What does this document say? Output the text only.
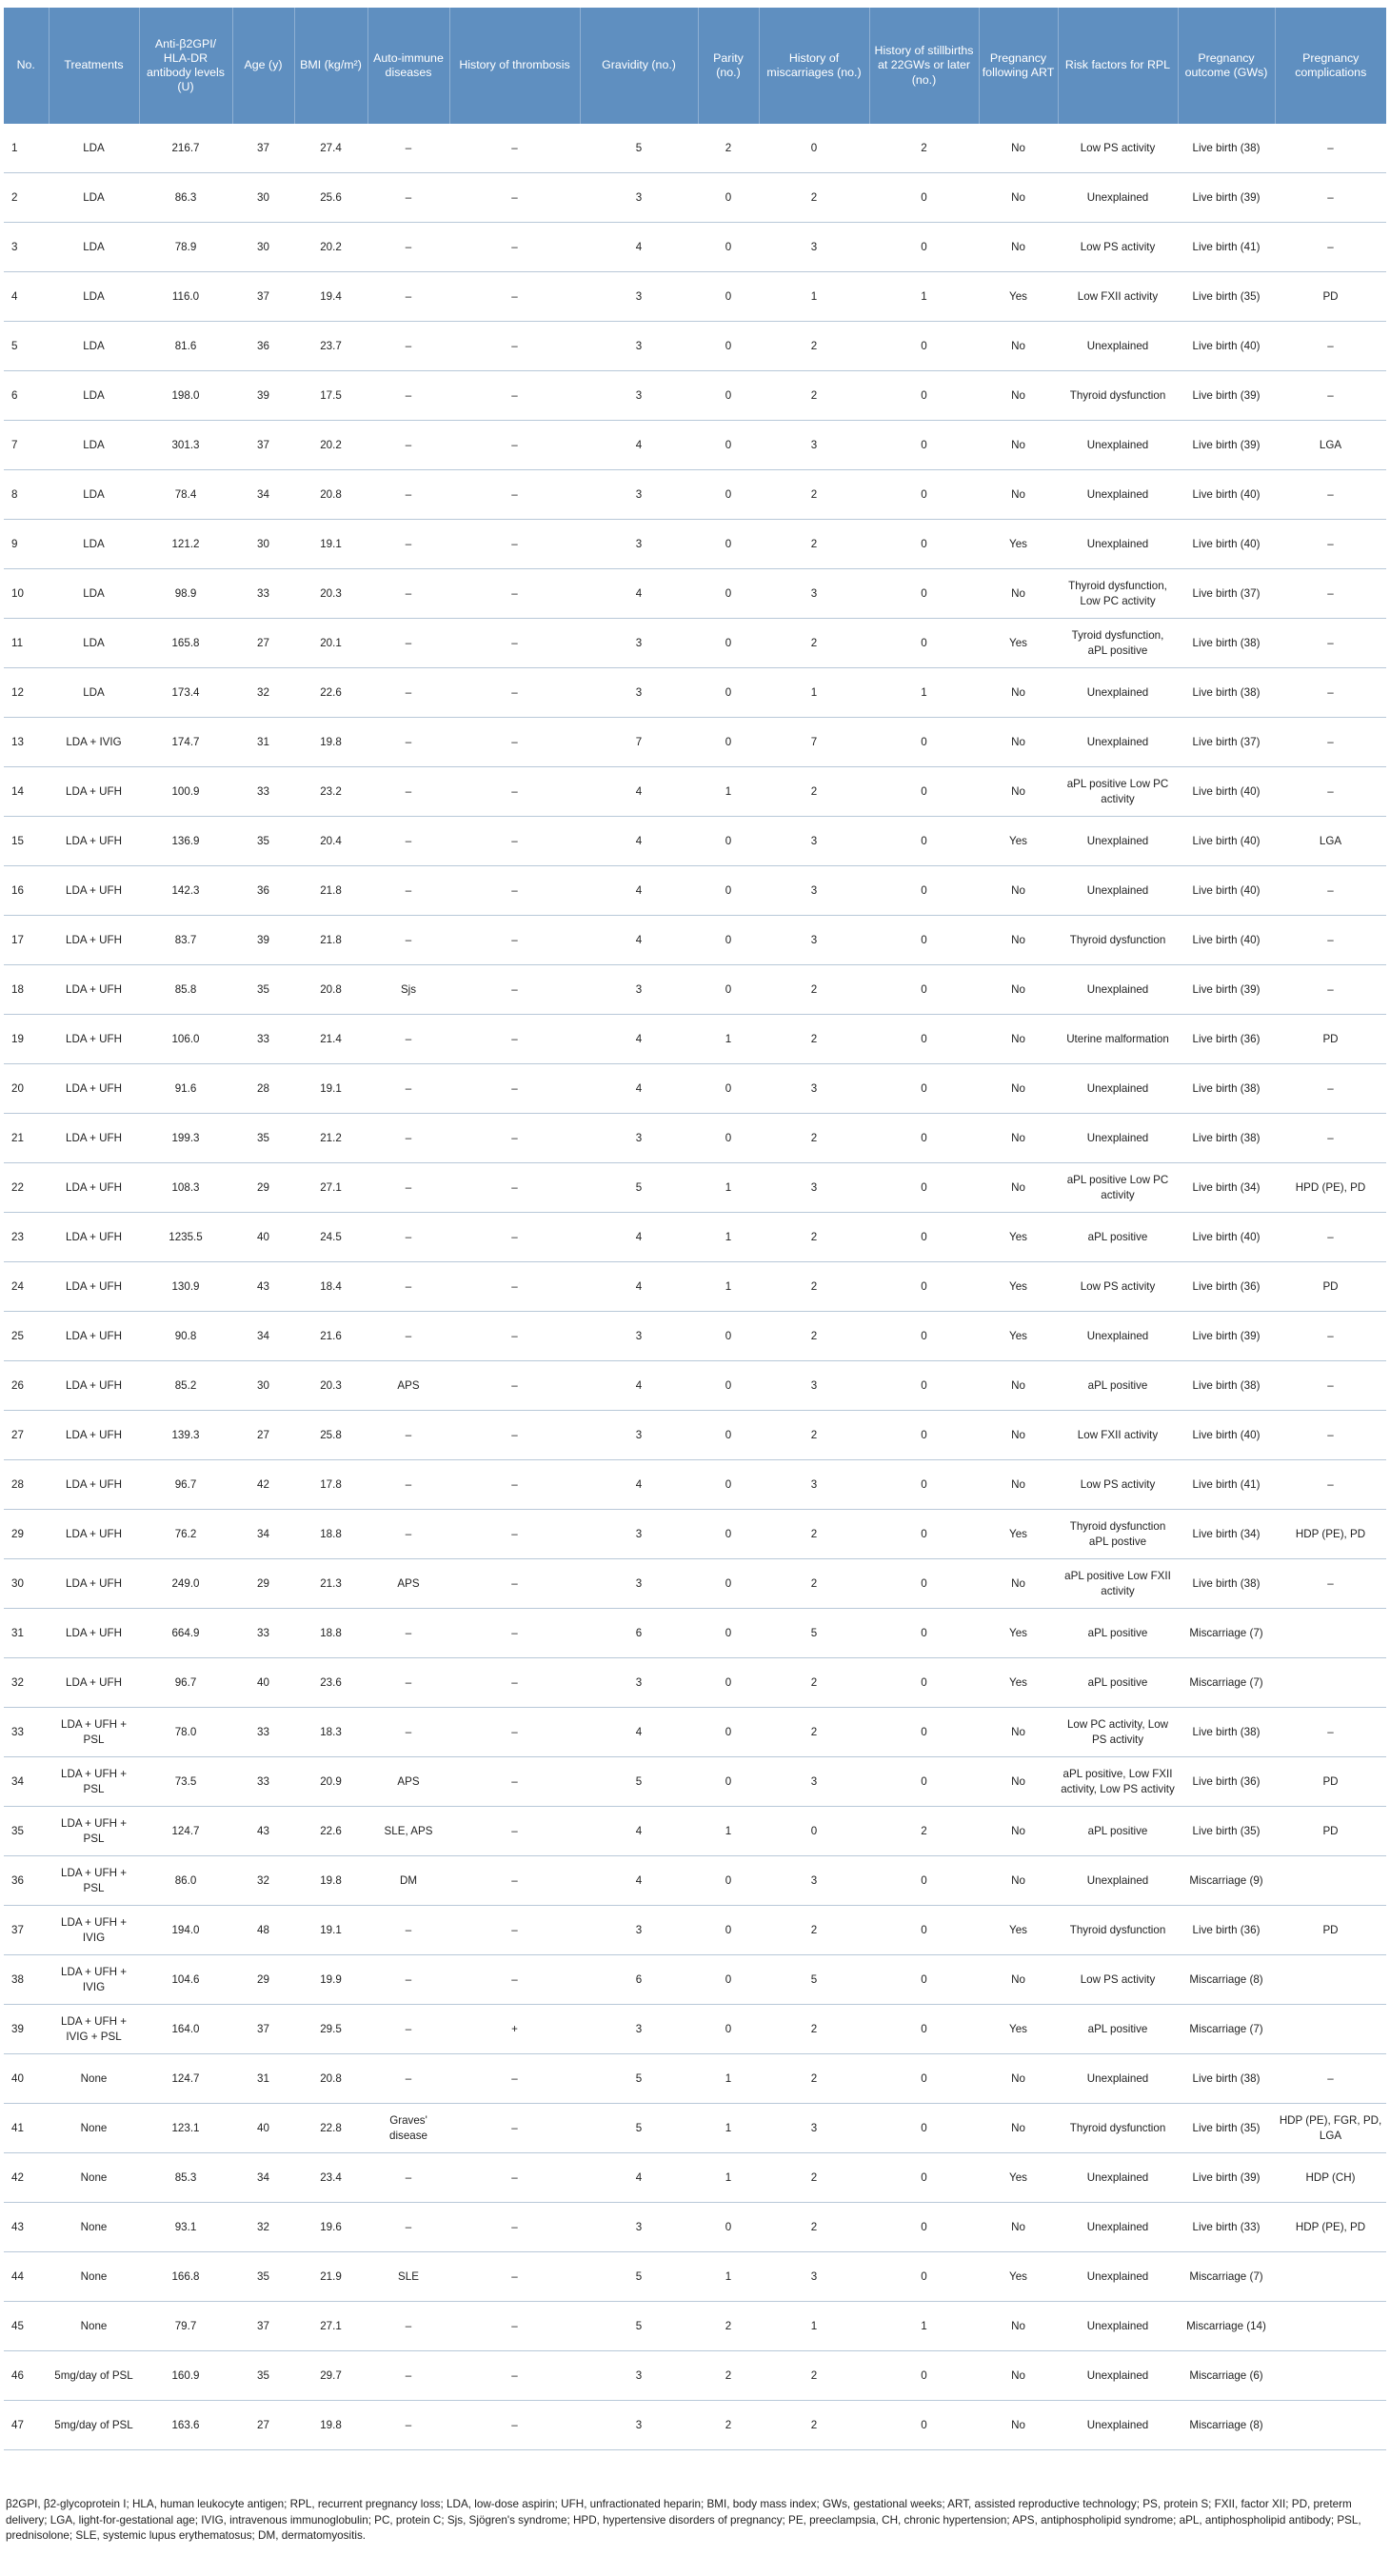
No.	Treatments	Anti-β2GPI/ HLA-DR antibody levels (U)	Age (y)	BMI (kg/m²)	Auto-immune diseases	History of thrombosis	Gravidity (no.)	Parity (no.)	History of miscarriages (no.)	History of stillbirths at 22GWs or later (no.)	Pregnancy following ART	Risk factors for RPL	Pregnancy outcome (GWs)	Pregnancy complications
1	LDA	216.7	37	27.4	–	–	5	2	0	2	No	Low PS activity	Live birth (38)	–
2	LDA	86.3	30	25.6	–	–	3	0	2	0	No	Unexplained	Live birth (39)	–
3	LDA	78.9	30	20.2	–	–	4	0	3	0	No	Low PS activity	Live birth (41)	–
4	LDA	116.0	37	19.4	–	–	3	0	1	1	Yes	Low FXII activity	Live birth (35)	PD
5	LDA	81.6	36	23.7	–	–	3	0	2	0	No	Unexplained	Live birth (40)	–
6	LDA	198.0	39	17.5	–	–	3	0	2	0	No	Thyroid dysfunction	Live birth (39)	–
7	LDA	301.3	37	20.2	–	–	4	0	3	0	No	Unexplained	Live birth (39)	LGA
8	LDA	78.4	34	20.8	–	–	3	0	2	0	No	Unexplained	Live birth (40)	–
9	LDA	121.2	30	19.1	–	–	3	0	2	0	Yes	Unexplained	Live birth (40)	–
10	LDA	98.9	33	20.3	–	–	4	0	3	0	No	Thyroid dysfunction, Low PC activity	Live birth (37)	–
11	LDA	165.8	27	20.1	–	–	3	0	2	0	Yes	Tyroid dysfunction, aPL positive	Live birth (38)	–
12	LDA	173.4	32	22.6	–	–	3	0	1	1	No	Unexplained	Live birth (38)	–
13	LDA + IVIG	174.7	31	19.8	–	–	7	0	7	0	No	Unexplained	Live birth (37)	–
14	LDA + UFH	100.9	33	23.2	–	–	4	1	2	0	No	aPL positive Low PC activity	Live birth (40)	–
15	LDA + UFH	136.9	35	20.4	–	–	4	0	3	0	Yes	Unexplained	Live birth (40)	LGA
16	LDA + UFH	142.3	36	21.8	–	–	4	0	3	0	No	Unexplained	Live birth (40)	–
17	LDA + UFH	83.7	39	21.8	–	–	4	0	3	0	No	Thyroid dysfunction	Live birth (40)	–
18	LDA + UFH	85.8	35	20.8	Sjs	–	3	0	2	0	No	Unexplained	Live birth (39)	–
19	LDA + UFH	106.0	33	21.4	–	–	4	1	2	0	No	Uterine malformation	Live birth (36)	PD
20	LDA + UFH	91.6	28	19.1	–	–	4	0	3	0	No	Unexplained	Live birth (38)	–
21	LDA + UFH	199.3	35	21.2	–	–	3	0	2	0	No	Unexplained	Live birth (38)	–
22	LDA + UFH	108.3	29	27.1	–	–	5	1	3	0	No	aPL positive Low PC activity	Live birth (34)	HPD (PE), PD
23	LDA + UFH	1235.5	40	24.5	–	–	4	1	2	0	Yes	aPL positive	Live birth (40)	–
24	LDA + UFH	130.9	43	18.4	–	–	4	1	2	0	Yes	Low PS activity	Live birth (36)	PD
25	LDA + UFH	90.8	34	21.6	–	–	3	0	2	0	Yes	Unexplained	Live birth (39)	–
26	LDA + UFH	85.2	30	20.3	APS	–	4	0	3	0	No	aPL positive	Live birth (38)	–
27	LDA + UFH	139.3	27	25.8	–	–	3	0	2	0	No	Low FXII activity	Live birth (40)	–
28	LDA + UFH	96.7	42	17.8	–	–	4	0	3	0	No	Low PS activity	Live birth (41)	–
29	LDA + UFH	76.2	34	18.8	–	–	3	0	2	0	Yes	Thyroid dysfunction aPL postive	Live birth (34)	HDP (PE), PD
30	LDA + UFH	249.0	29	21.3	APS	–	3	0	2	0	No	aPL positive Low FXII activity	Live birth (38)	–
31	LDA + UFH	664.9	33	18.8	–	–	6	0	5	0	Yes	aPL positive	Miscarriage (7)	
32	LDA + UFH	96.7	40	23.6	–	–	3	0	2	0	Yes	aPL positive	Miscarriage (7)	
33	LDA + UFH + PSL	78.0	33	18.3	–	–	4	0	2	0	No	Low PC activity, Low PS activity	Live birth (38)	–
34	LDA + UFH + PSL	73.5	33	20.9	APS	–	5	0	3	0	No	aPL positive, Low FXII activity, Low PS activity	Live birth (36)	PD
35	LDA + UFH + PSL	124.7	43	22.6	SLE, APS	–	4	1	0	2	No	aPL positive	Live birth (35)	PD
36	LDA + UFH + PSL	86.0	32	19.8	DM	–	4	0	3	0	No	Unexplained	Miscarriage (9)	
37	LDA + UFH + IVIG	194.0	48	19.1	–	–	3	0	2	0	Yes	Thyroid dysfunction	Live birth (36)	PD
38	LDA + UFH + IVIG	104.6	29	19.9	–	–	6	0	5	0	No	Low PS activity	Miscarriage (8)	
39	LDA + UFH + IVIG + PSL	164.0	37	29.5	–	+	3	0	2	0	Yes	aPL positive	Miscarriage (7)	
40	None	124.7	31	20.8	–	–	5	1	2	0	No	Unexplained	Live birth (38)	–
41	None	123.1	40	22.8	Graves' disease	–	5	1	3	0	No	Thyroid dysfunction	Live birth (35)	HDP (PE), FGR, PD, LGA
42	None	85.3	34	23.4	–	–	4	1	2	0	Yes	Unexplained	Live birth (39)	HDP (CH)
43	None	93.1	32	19.6	–	–	3	0	2	0	No	Unexplained	Live birth (33)	HDP (PE), PD
44	None	166.8	35	21.9	SLE	–	5	1	3	0	Yes	Unexplained	Miscarriage (7)	
45	None	79.7	37	27.1	–	–	5	2	1	1	No	Unexplained	Miscarriage (14)	
46	5mg/day of PSL	160.9	35	29.7	–	–	3	2	2	0	No	Unexplained	Miscarriage (6)	
47	5mg/day of PSL	163.6	27	19.8	–	–	3	2	2	0	No	Unexplained	Miscarriage (8)	
β2GPI, β2-glycoprotein I; HLA, human leukocyte antigen; RPL, recurrent pregnancy loss; LDA, low-dose aspirin; UFH, unfractionated heparin; BMI, body mass index; GWs, gestational weeks; ART, assisted reproductive technology; PS, protein S; FXII, factor XII; PD, preterm delivery; LGA, light-for-gestational age; IVIG, intravenous immunoglobulin; PC, protein C; Sjs, Sjögren's syndrome; HPD, hypertensive disorders of pregnancy; PE, preeclampsia, CH, chronic hypertension; APS, antiphospholipid syndrome; aPL, antiphospholipid antibody; PSL, prednisolone; SLE, systemic lupus erythematosus; DM, dermatomyositis.
